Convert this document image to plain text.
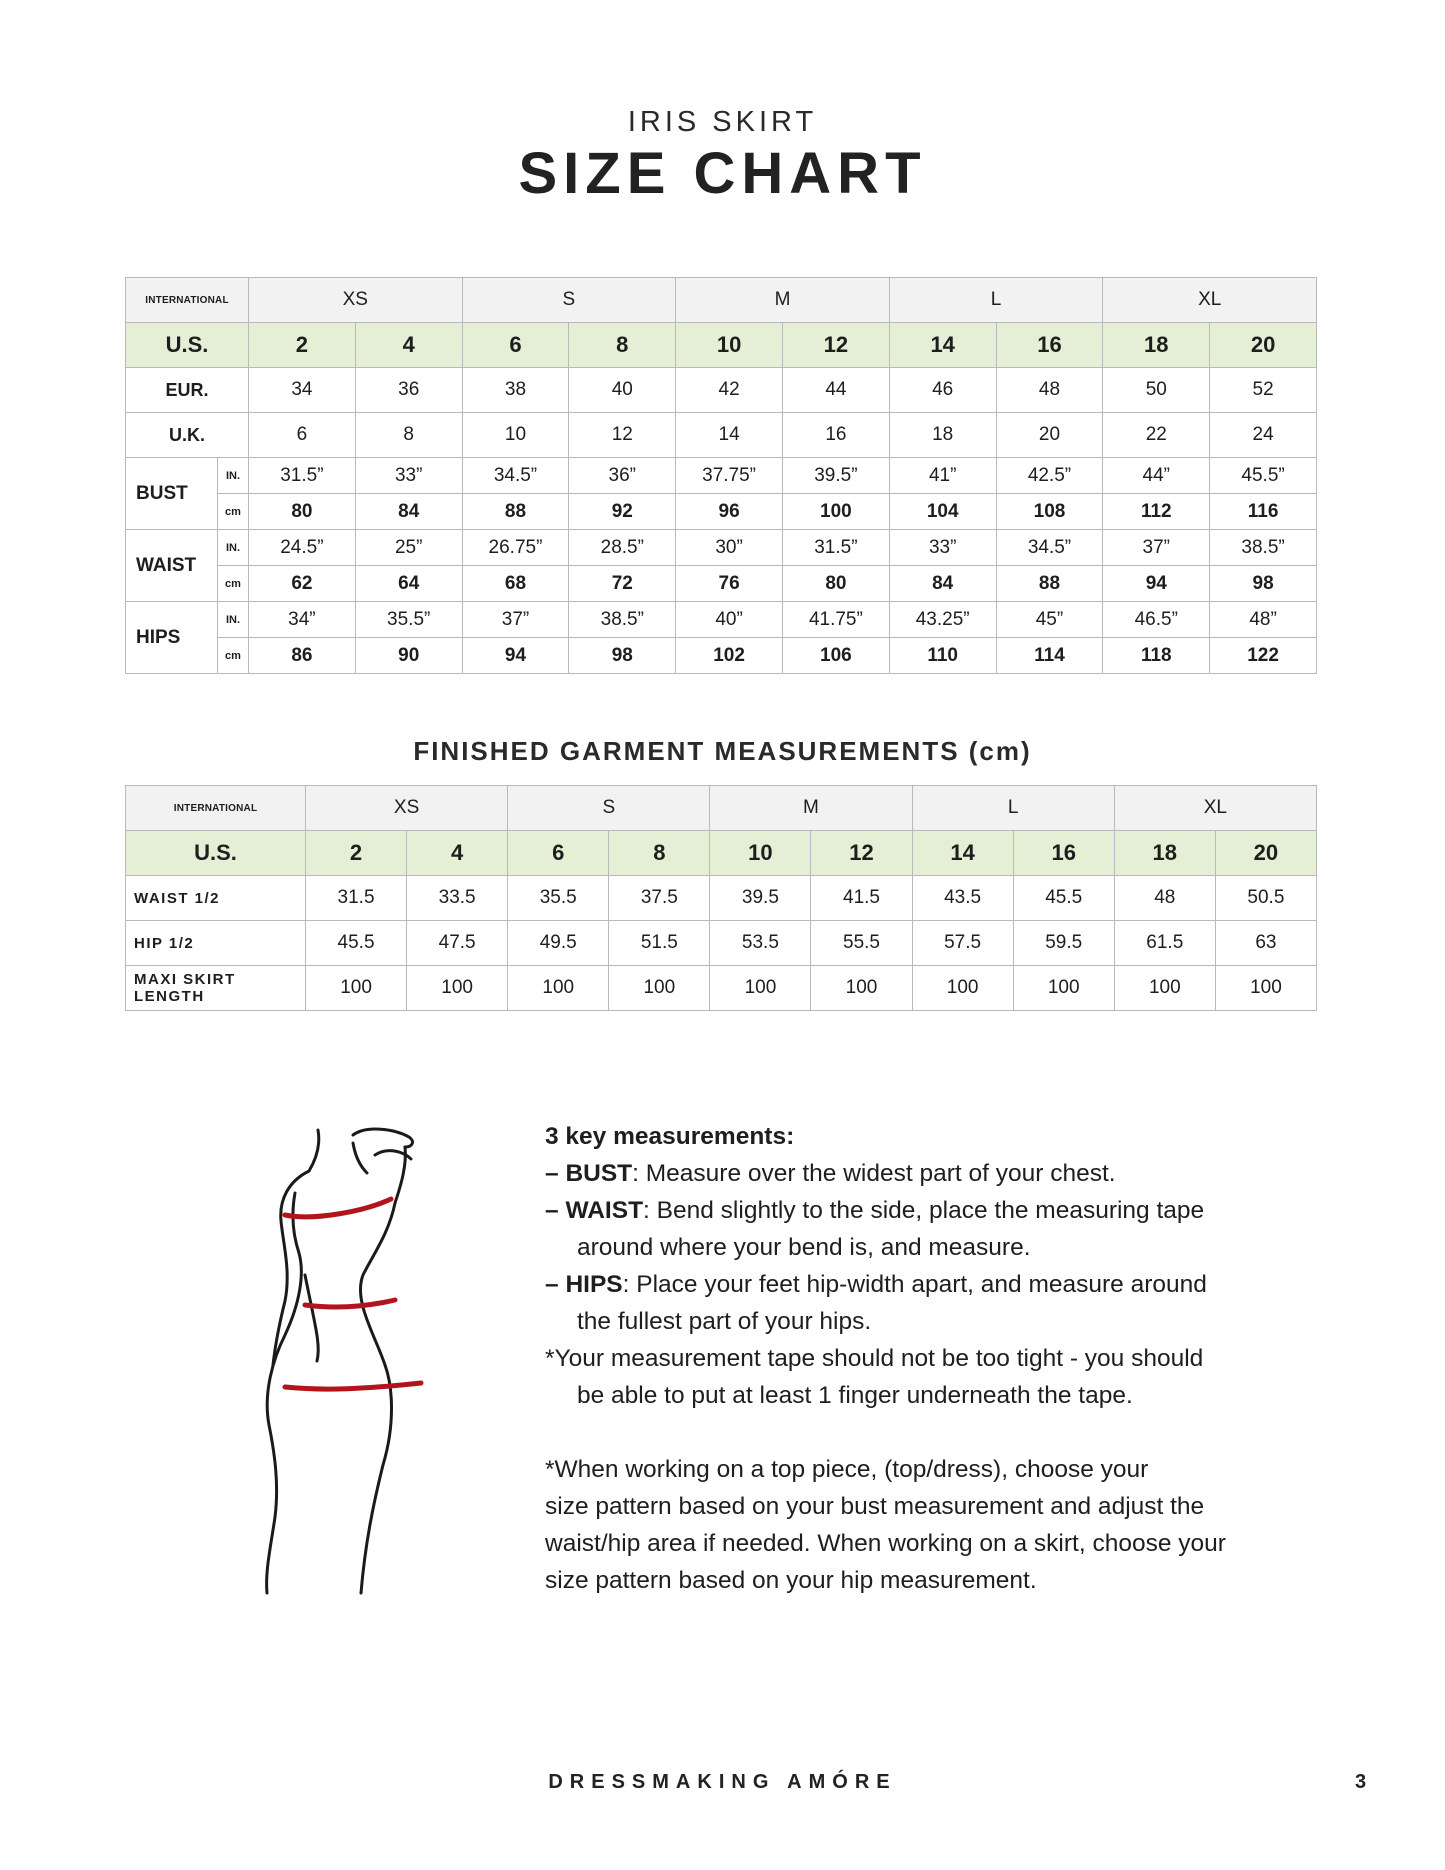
IRIS SKIRT
SIZE CHART
INTERNATIONAL		XS		S		M		L		XL	
U.S.		2	4	6	8	10	12	14	16	18	20
EUR.		34	36	38	40	42	44	46	48	50	52
U.K.		6	8	10	12	14	16	18	20	22	24
BUST	IN.	31.5”	33”	34.5”	36”	37.75”	39.5”	41”	42.5”	44”	45.5”
	cm	80	84	88	92	96	100	104	108	112	116
WAIST	IN.	24.5”	25”	26.75”	28.5”	30”	31.5”	33”	34.5”	37”	38.5”
	cm	62	64	68	72	76	80	84	88	94	98
HIPS	IN.	34”	35.5”	37”	38.5”	40”	41.75”	43.25”	45”	46.5”	48”
	cm	86	90	94	98	102	106	110	114	118	122
FINISHED GARMENT MEASUREMENTS (cm)
INTERNATIONAL	XS		S		M		L		XL	
U.S.	2	4	6	8	10	12	14	16	18	20
WAIST 1/2	31.5	33.5	35.5	37.5	39.5	41.5	43.5	45.5	48	50.5
HIP 1/2	45.5	47.5	49.5	51.5	53.5	55.5	57.5	59.5	61.5	63
MAXI SKIRT LENGTH	100	100	100	100	100	100	100	100	100	100
3 key measurements:
– BUST: Measure over the widest part of your chest.
– WAIST: Bend slightly to the side, place the measuring tape
around where your bend is, and measure.
– HIPS: Place your feet hip-width apart, and measure around
the fullest part of your hips.
*Your measurement tape should not be too tight - you should
be able to put at least 1 finger underneath the tape.
*When working on a top piece, (top/dress), choose your
size pattern based on your bust measurement and adjust the
waist/hip area if needed. When working on a skirt, choose your
size pattern based on your hip measurement.
DRESSMAKING AMÓRE	3
